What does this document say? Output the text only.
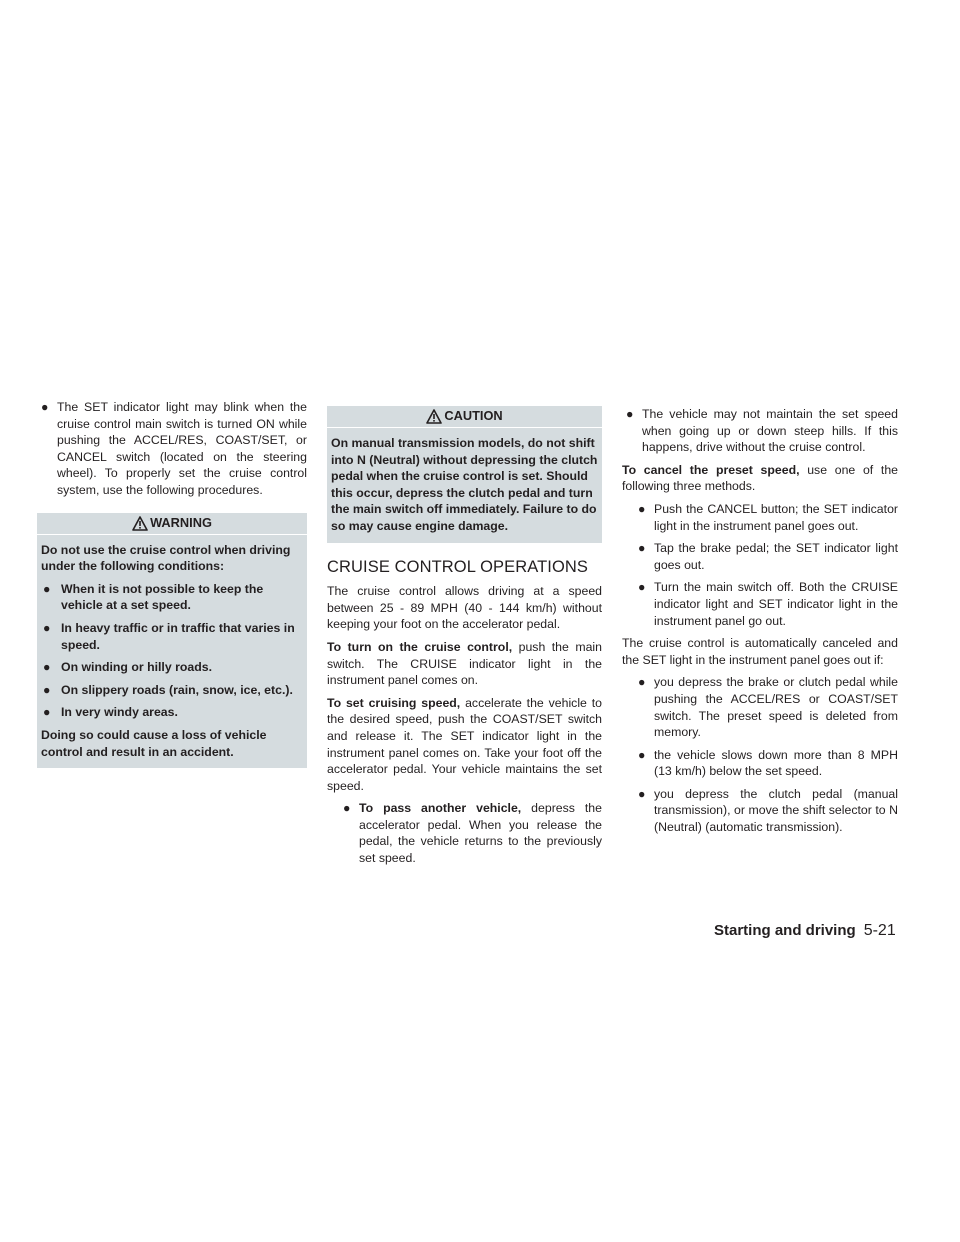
● The SET indicator light may blink when the cruise control main switch is turned ON while pushing the ACCEL/RES, COAST/SET, or CANCEL switch (located on the steering wheel). To properly set the cruise control system, use the following procedures.
WARNING

Do not use the cruise control when driving under the following conditions:

● When it is not possible to keep the vehicle at a set speed.
● In heavy traffic or in traffic that varies in speed.
● On winding or hilly roads.
● On slippery roads (rain, snow, ice, etc.).
● In very windy areas.

Doing so could cause a loss of vehicle control and result in an accident.

CAUTION

On manual transmission models, do not shift into N (Neutral) without depressing the clutch pedal when the cruise control is set. Should this occur, depress the clutch pedal and turn the main switch off immediately. Failure to do so may cause engine damage.

CRUISE CONTROL OPERATIONS

The cruise control allows driving at a speed between 25 - 89 MPH (40 - 144 km/h) without keeping your foot on the accelerator pedal.

To turn on the cruise control, push the main switch. The CRUISE indicator light in the instrument panel comes on.

To set cruising speed, accelerate the vehicle to the desired speed, push the COAST/SET switch and release it. The SET indicator light in the instrument panel comes on. Take your foot off the accelerator pedal. Your vehicle maintains the set speed.

● To pass another vehicle, depress the accelerator pedal. When you release the pedal, the vehicle returns to the previously set speed.
● The vehicle may not maintain the set speed when going up or down steep hills. If this happens, drive without the cruise control.

To cancel the preset speed, use one of the following three methods.

● Push the CANCEL button; the SET indicator light in the instrument panel goes out.
● Tap the brake pedal; the SET indicator light goes out.
● Turn the main switch off. Both the CRUISE indicator light and SET indicator light in the instrument panel go out.

The cruise control is automatically canceled and the SET light in the instrument panel goes out if:

● you depress the brake or clutch pedal while pushing the ACCEL/RES or COAST/SET switch. The preset speed is deleted from memory.
● the vehicle slows down more than 8 MPH (13 km/h) below the set speed.
● you depress the clutch pedal (manual transmission), or move the shift selector to N (Neutral) (automatic transmission).
Starting and driving 5-21
